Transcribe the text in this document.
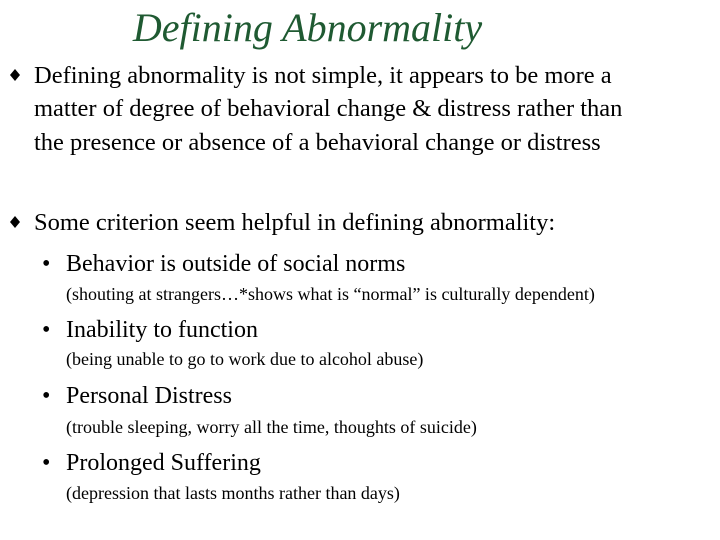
Defining Abnormality
Defining abnormality is not simple, it appears to be more a
matter of degree of behavioral change & distress rather than
the presence or absence of a behavioral change or distress
Some criterion seem helpful in defining abnormality:
• Behavior is outside of social norms
(shouting at strangers…*shows what is “normal” is culturally dependent)
• Inability to function
(being unable to go to work due to alcohol abuse)
• Personal Distress
(trouble sleeping, worry all the time, thoughts of suicide)
• Prolonged Suffering
(depression that lasts months rather than days)
